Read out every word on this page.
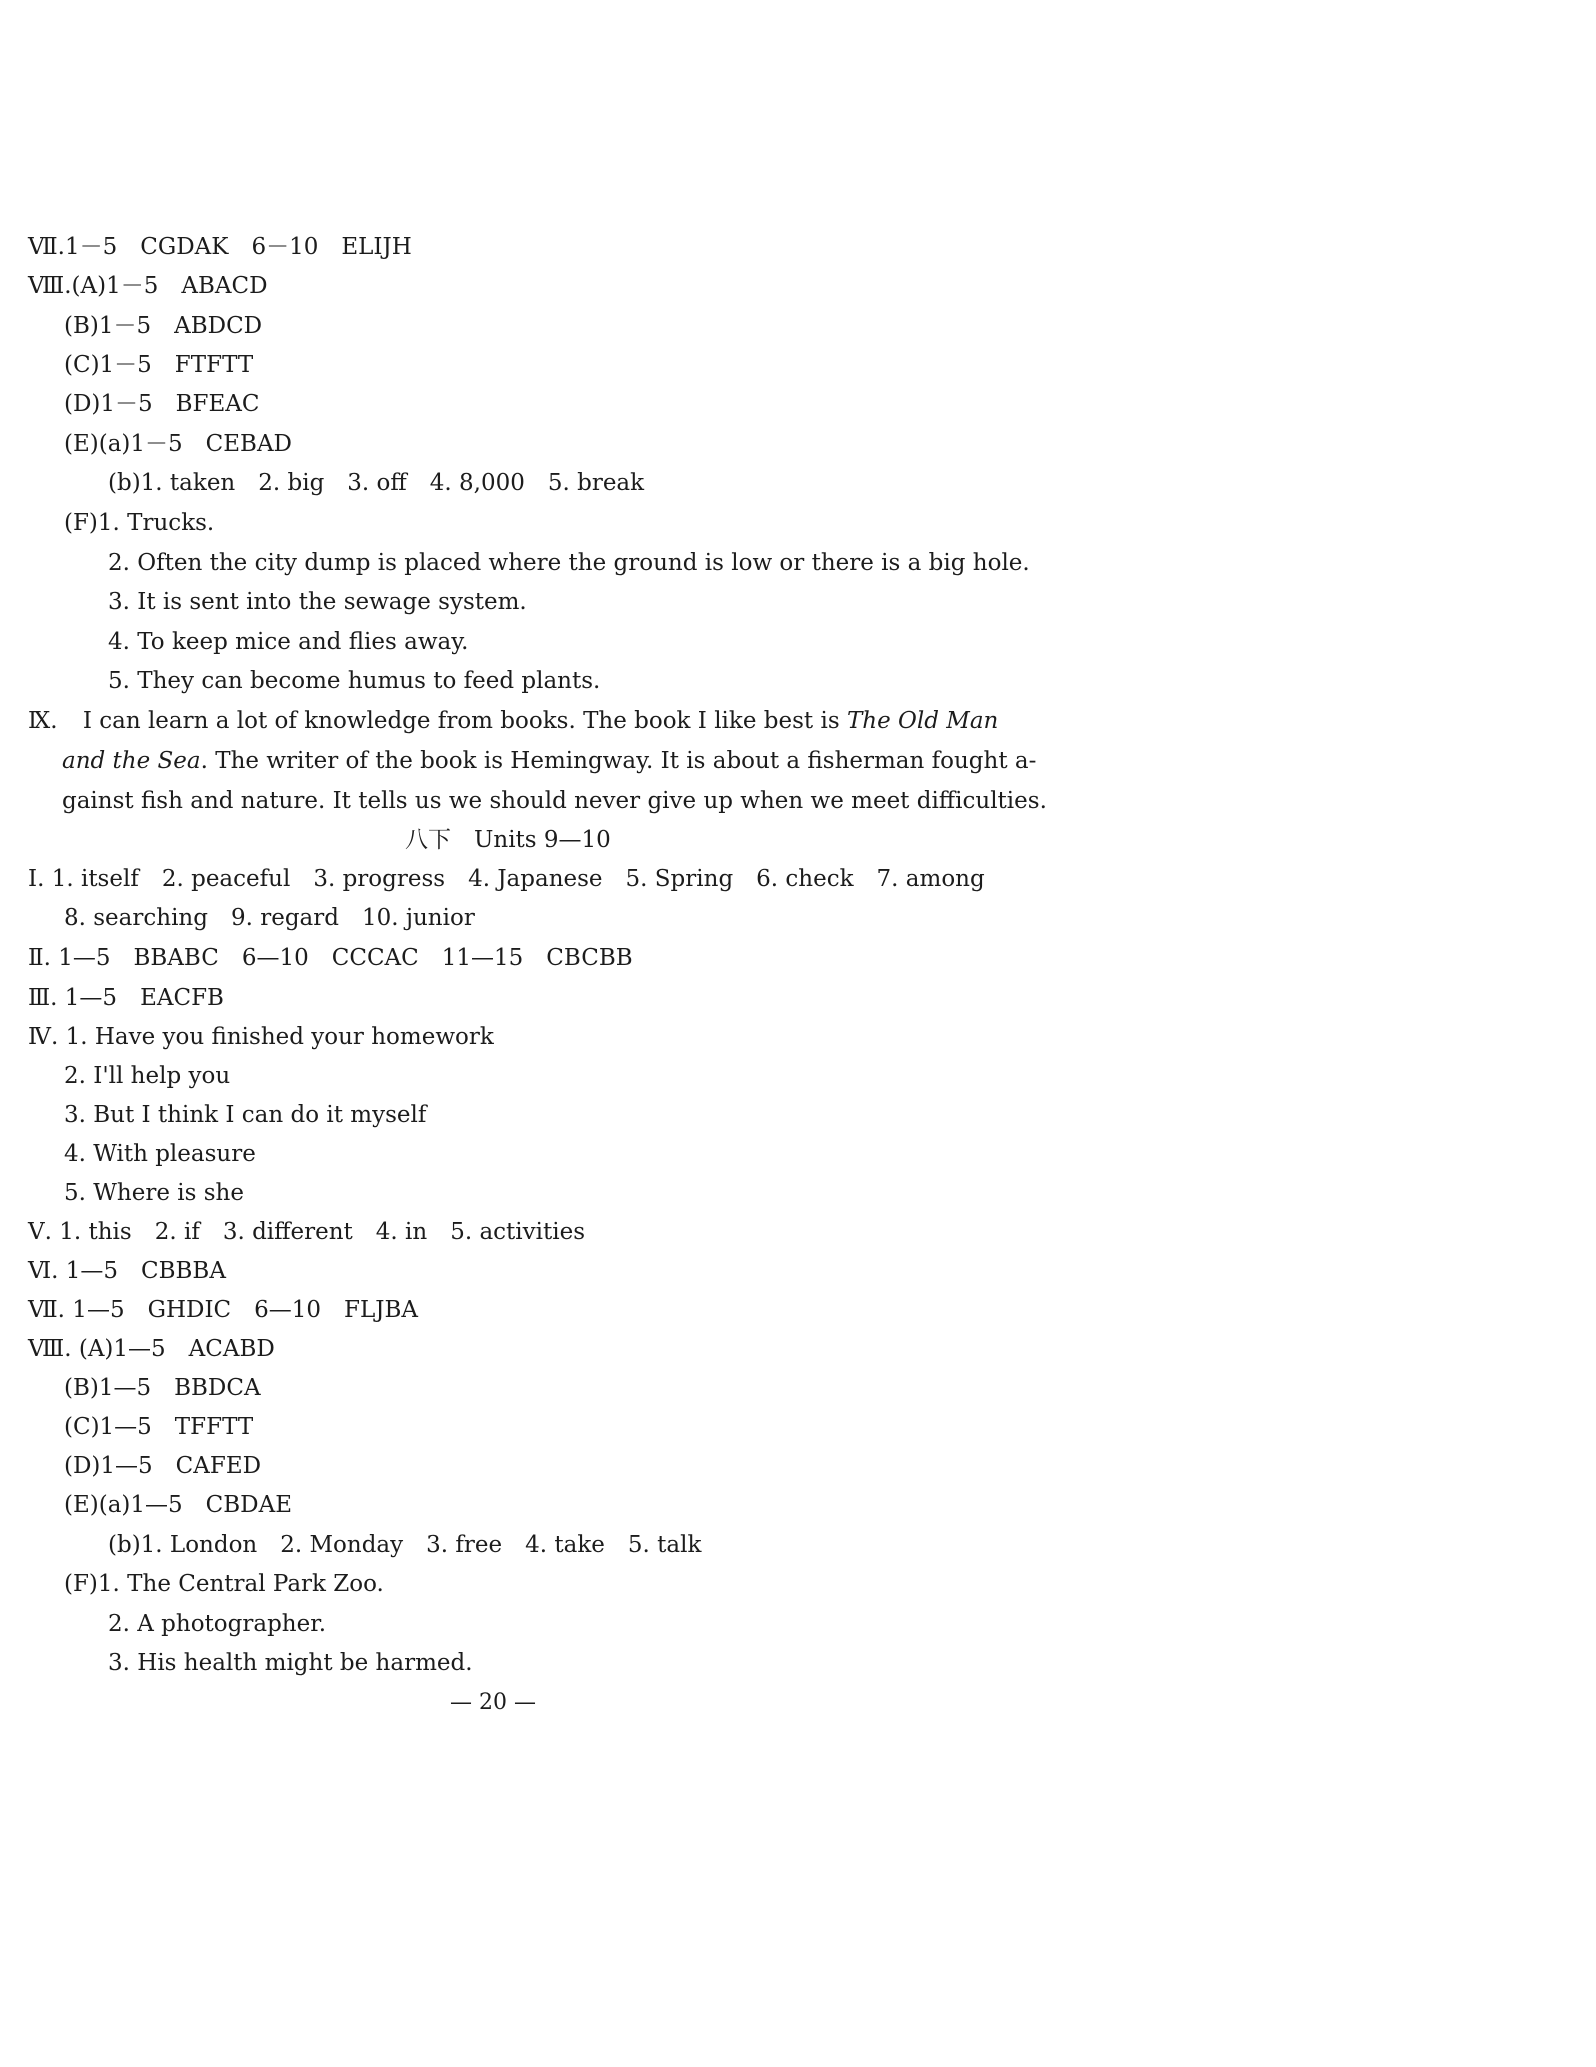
Ⅶ.1－5　CGDAK　6－10　ELIJH
Ⅷ.(A)1－5　ABACD
(B)1－5　ABDCD
(C)1－5　FTFTT
(D)1－5　BFEAC
(E)(a)1－5　CEBAD
(b)1. taken　2. big　3. off　4. 8,000　5. break
(F)1. Trucks.
2. Often the city dump is placed where the ground is low or there is a big hole.
3. It is sent into the sewage system.
4. To keep mice and flies away.
5. They can become humus to feed plants.
Ⅸ. I can learn a lot of knowledge from books. The book I like best is The Old Man
and the Sea. The writer of the book is Hemingway. It is about a fisherman fought a-
gainst fish and nature. It tells us we should never give up when we meet difficulties.
八下　Units 9—10
Ⅰ. 1. itself　2. peaceful　3. progress　4. Japanese　5. Spring　6. check　7. among
8. searching　9. regard　10. junior
Ⅱ. 1—5　BBABC　6—10　CCCAC　11—15　CBCBB
Ⅲ. 1—5　EACFB
Ⅳ. 1. Have you finished your homework
2. I'll help you
3. But I think I can do it myself
4. With pleasure
5. Where is she
Ⅴ. 1. this　2. if　3. different　4. in　5. activities
Ⅵ. 1—5　CBBBA
Ⅶ. 1—5　GHDIC　6—10　FLJBA
Ⅷ. (A)1—5　ACABD
(B)1—5　BBDCA
(C)1—5　TFFTT
(D)1—5　CAFED
(E)(a)1—5　CBDAE
(b)1. London　2. Monday　3. free　4. take　5. talk
(F)1. The Central Park Zoo.
2. A photographer.
3. His health might be harmed.
— 20 —
